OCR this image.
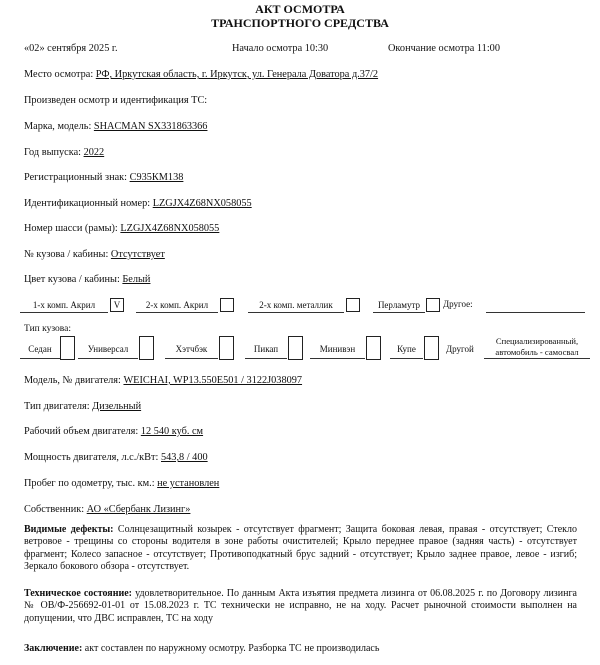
АКТ ОСМОТРА
ТРАНСПОРТНОГО СРЕДСТВА
«02» сентября 2025 г.	Начало осмотра 10:30	Окончание осмотра 11:00
Место осмотра: РФ, Иркутская область, г. Иркутск, ул. Генерала Доватора д.37/2
Произведен осмотр и идентификация ТС:
Марка, модель: SHACMAN SX331863366
Год выпуска: 2022
Регистрационный знак: С935КМ138
Идентификационный номер: LZGJX4Z68NX058055
Номер шасси (рамы): LZGJX4Z68NX058055
№ кузова / кабины: Отсутствует
Цвет кузова / кабины: Белый
1-х комп. Акрил	V	2-х комп. Акрил	2-х комп. металлик	Перламутр	Другое:
Тип кузова:
Седан	Универсал	Хэтчбэк	Пикап	Минивэн	Купе	Другой
Специализированный,
автомобиль - самосвал
Модель, № двигателя: WEICHAI, WP13.550E501 / 3122J038097
Тип двигателя: Дизельный
Рабочий объем двигателя: 12 540 куб. см
Мощность двигателя, л.с./кВт: 543,8 / 400
Пробег по одометру, тыс. км.: не установлен
Собственник: АО «Сбербанк Лизинг»
Видимые дефекты: Солнцезащитный козырек - отсутствует фрагмент; Защита боковая левая, правая - отсутствует; Стекло ветровое - трещины со стороны водителя в зоне работы очистителей; Крыло переднее правое (задняя часть) - отсутствует фрагмент; Колесо запасное - отсутствует; Противоподкатный брус задний - отсутствует; Крыло заднее правое, левое - изгиб; Зеркало бокового обзора - отсутствует.
Техническое состояние: удовлетворительное. По данным Акта изъятия предмета лизинга от 06.08.2025 г. по Договору лизинга № ОВ/Ф-256692-01-01 от 15.08.2023 г. ТС технически не исправно, не на ходу. Расчет рыночной стоимости выполнен на допущении, что ДВС исправлен, ТС на ходу
Заключение: акт составлен по наружному осмотру. Разборка ТС не производилась
